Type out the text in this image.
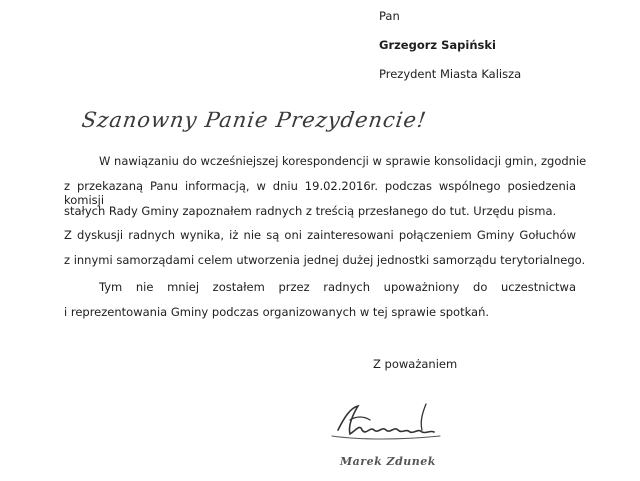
Pan
Grzegorz Sapiński
Prezydent Miasta Kalisza
Szanowny Panie Prezydencie!
W nawiązaniu do wcześniejszej korespondencji w sprawie konsolidacji gmin, zgodnie
z przekazaną Panu informacją, w dniu 19.02.2016r. podczas wspólnego posiedzenia komisji
stałych Rady Gminy zapoznałem radnych z treścią przesłanego do tut. Urzędu pisma.
Z dyskusji radnych wynika, iż nie są oni zainteresowani połączeniem Gminy Gołuchów
z innymi samorządami celem utworzenia jednej dużej jednostki samorządu terytorialnego.
Tym nie mniej zostałem przez radnych upoważniony do uczestnictwa
i reprezentowania Gminy podczas organizowanych w tej sprawie spotkań.
Z poważaniem
Marek Zdunek
